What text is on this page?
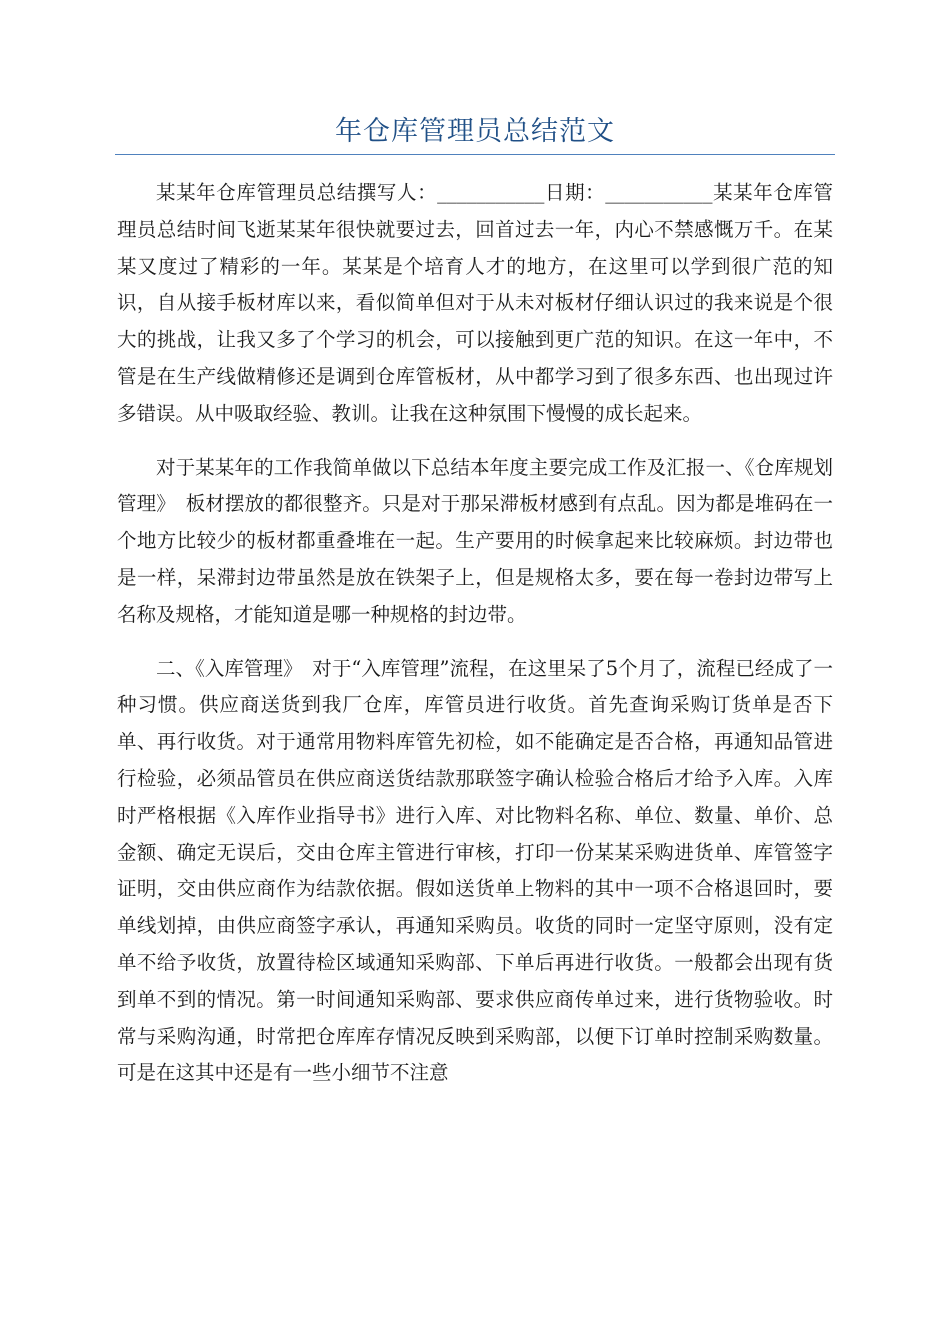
年仓库管理员总结范文

某某年仓库管理员总结撰写人：___________日期：___________某某年仓库管理员总结时间飞逝某某年很快就要过去，回首过去一年，内心不禁感慨万千。在某某又度过了精彩的一年。某某是个培育人才的地方，在这里可以学到很广范的知识，自从接手板材库以来，看似简单但对于从未对板材仔细认识过的我来说是个很大的挑战，让我又多了个学习的机会，可以接触到更广范的知识。在这一年中，不管是在生产线做精修还是调到仓库管板材，从中都学习到了很多东西、也出现过许多错误。从中吸取经验、教训。让我在这种氛围下慢慢的成长起来。

对于某某年的工作我简单做以下总结本年度主要完成工作及汇报一、《仓库规划管理》　板材摆放的都很整齐。只是对于那呆滞板材感到有点乱。因为都是堆码在一个地方比较少的板材都重叠堆在一起。生产要用的时候拿起来比较麻烦。封边带也是一样，呆滞封边带虽然是放在铁架子上，但是规格太多，要在每一卷封边带写上名称及规格，才能知道是哪一种规格的封边带。

二、《入库管理》　对于“入库管理”流程，在这里呆了5个月了，流程已经成了一种习惯。供应商送货到我厂仓库，库管员进行收货。首先查询采购订货单是否下单、再行收货。对于通常用物料库管先初检，如不能确定是否合格，再通知品管进行检验，必须品管员在供应商送货结款那联签字确认检验合格后才给予入库。入库时严格根据《入库作业指导书》进行入库、对比物料名称、单位、数量、单价、总金额、确定无误后，交由仓库主管进行审核，打印一份某某采购进货单、库管签字证明，交由供应商作为结款依据。假如送货单上物料的其中一项不合格退回时，要单线划掉，由供应商签字承认，再通知采购员。收货的同时一定坚守原则，没有定单不给予收货，放置待检区域通知采购部、下单后再进行收货。一般都会出现有货到单不到的情况。第一时间通知采购部、要求供应商传单过来，进行货物验收。时常与采购沟通，时常把仓库库存情况反映到采购部，以便下订单时控制采购数量。可是在这其中还是有一些小细节不注意
